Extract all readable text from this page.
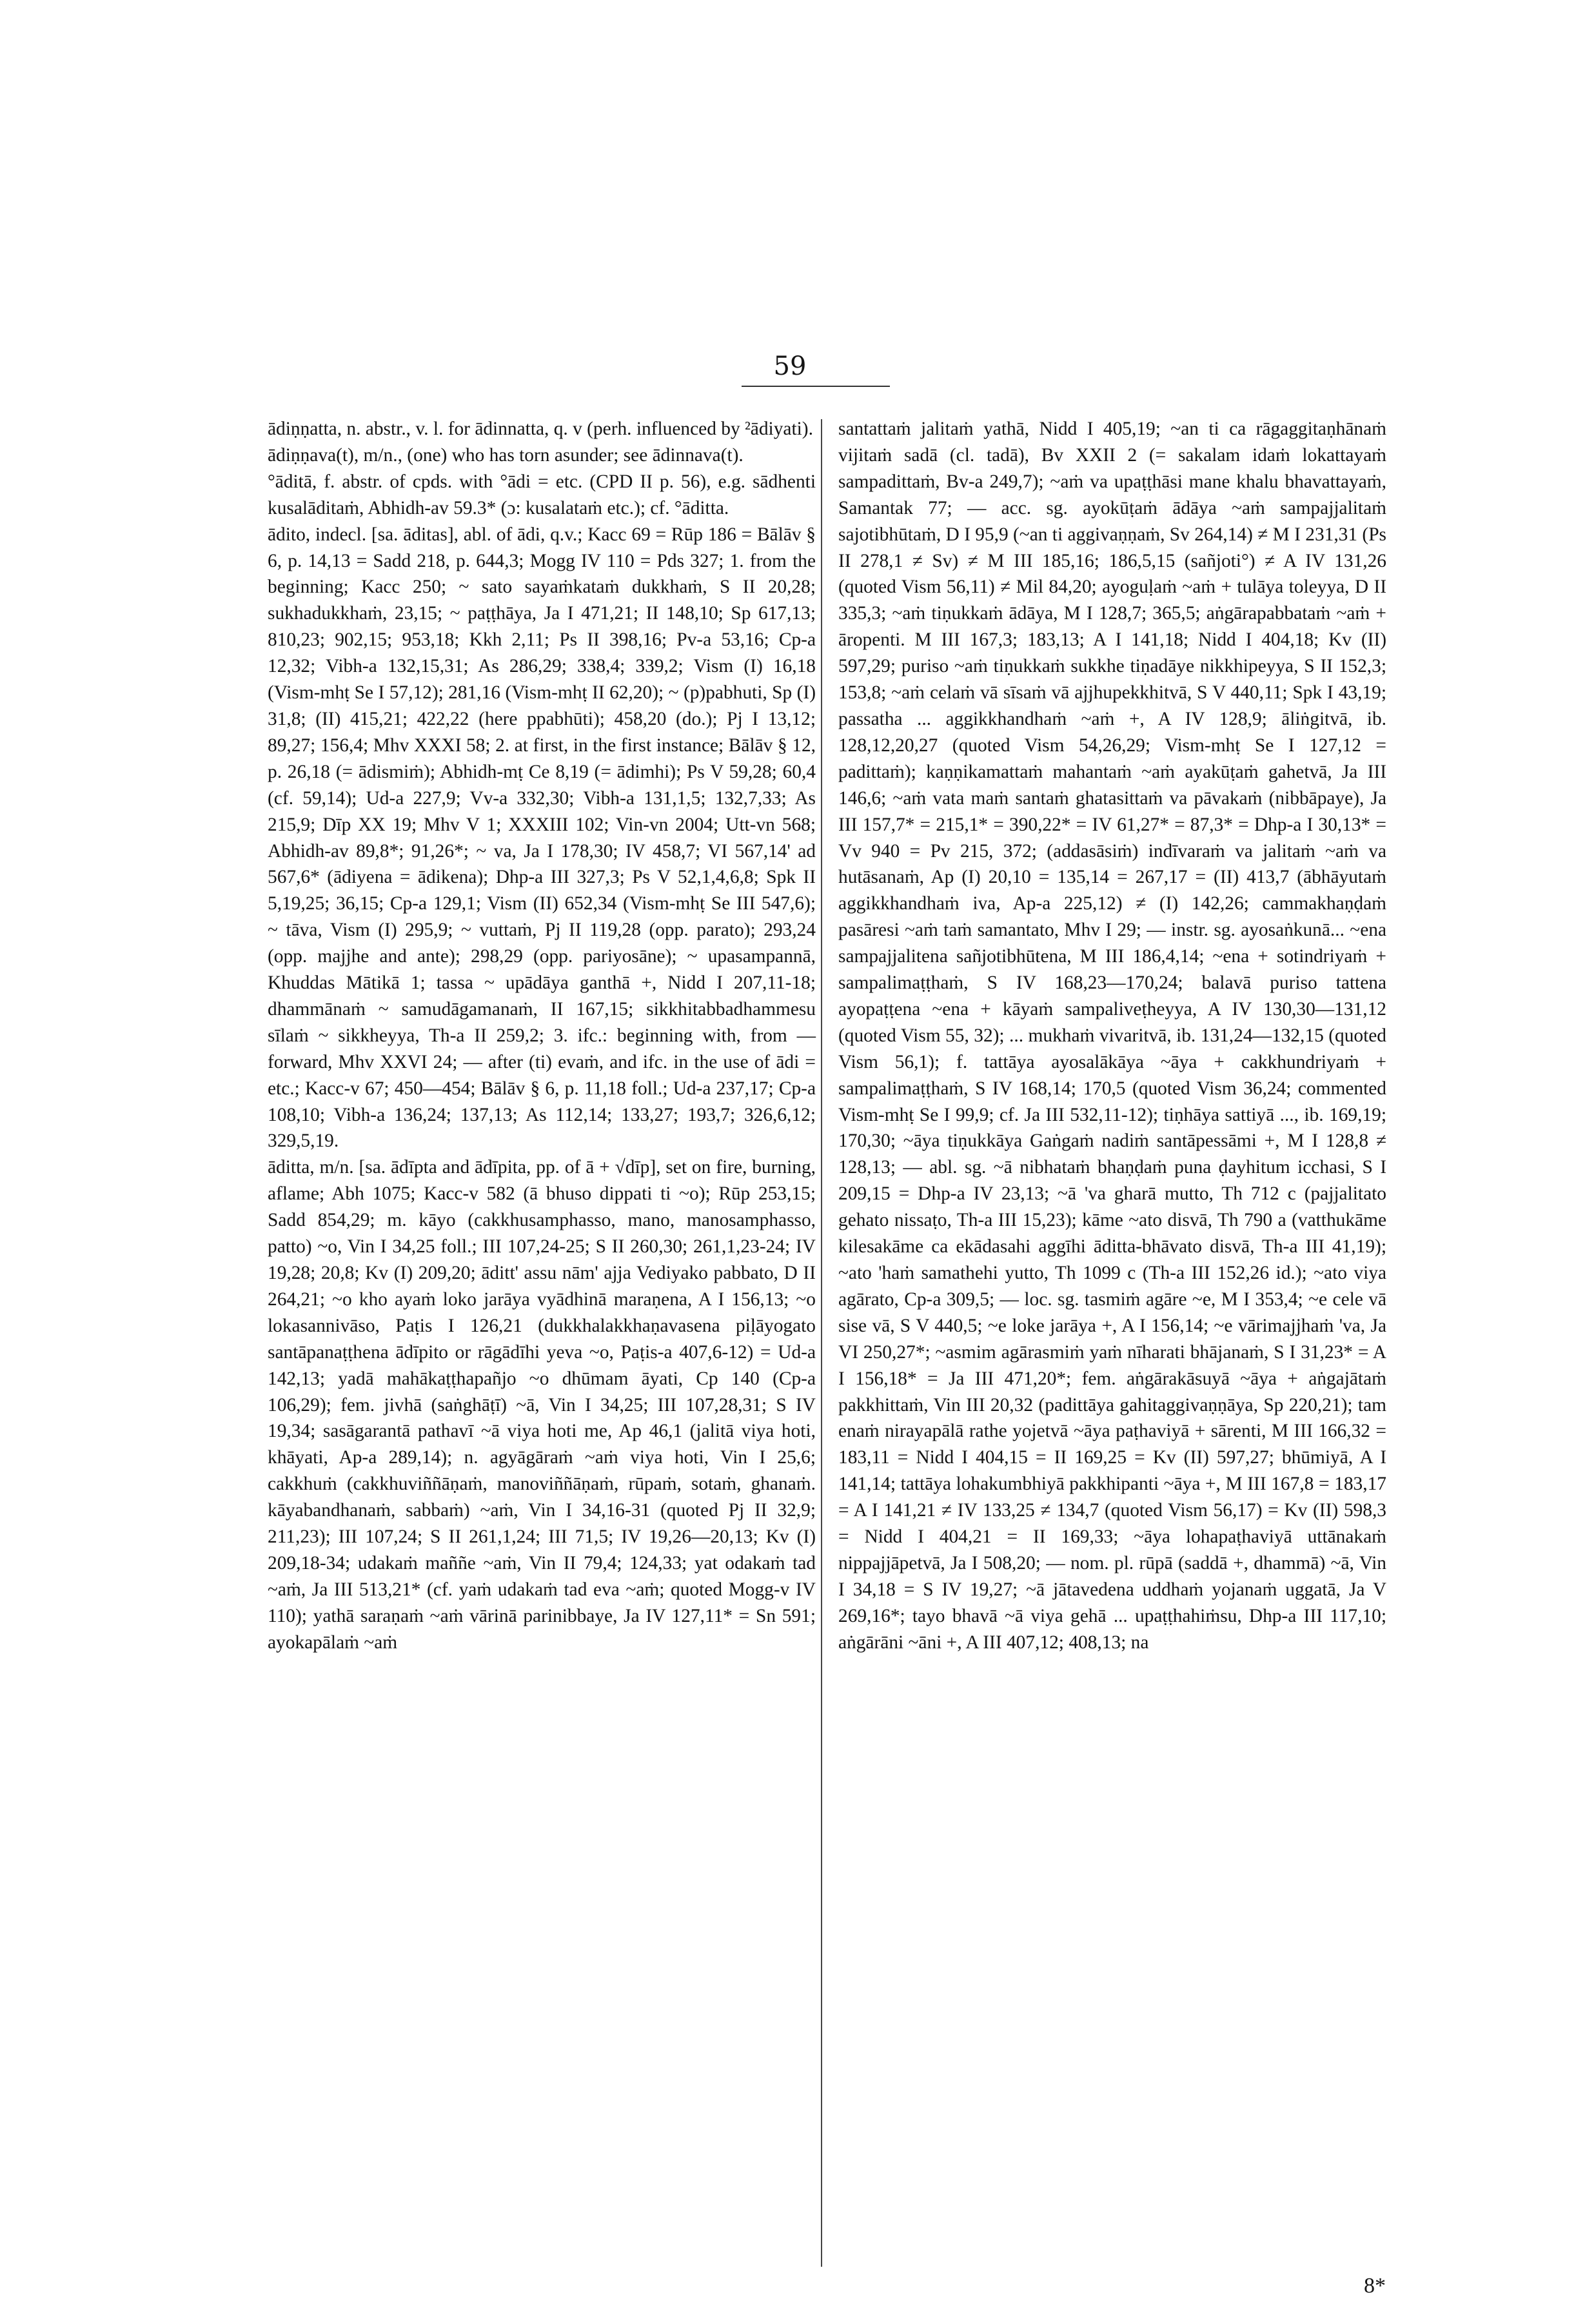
59

ādiṇṇatta, n. abstr., v. l. for ādinnatta, q. v (perh. influenced by ²ādiyati).

ādiṇṇava(t), m/n., (one) who has torn asunder; see ādinnava(t).

°āditā, f. abstr. of cpds. with °ādi = etc. (CPD II p. 56), e.g. sādhenti kusalāditaṁ, Abhidh-av 59.3* (ɔ: kusalataṁ etc.); cf. °āditta.

ādito, indecl. [sa. āditas], abl. of ādi, q.v.; Kacc 69 = Rūp 186 = Bālāv § 6, p. 14,13 = Sadd 218, p. 644,3; Mogg IV 110 = Pds 327; 1. from the beginning; Kacc 250; ~ sato sayaṁkataṁ dukkhaṁ, S II 20,28; sukhadukkhaṁ, 23,15; ~ paṭṭhāya, Ja I 471,21; II 148,10; Sp 617,13; 810,23; 902,15; 953,18; Kkh 2,11; Ps II 398,16; Pv-a 53,16; Cp-a 12,32; Vibh-a 132,15,31; As 286,29; 338,4; 339,2; Vism (I) 16,18 (Vism-mhṭ Se I 57,12); 281,16 (Vism-mhṭ II 62,20); ~ (p)pabhuti, Sp (I) 31,8; (II) 415,21; 422,22 (here ppabhūti); 458,20 (do.); Pj I 13,12; 89,27; 156,4; Mhv XXXI 58; 2. at first, in the first instance; Bālāv § 12, p. 26,18 (= ādismiṁ); Abhidh-mṭ Ce 8,19 (= ādimhi); Ps V 59,28; 60,4 (cf. 59,14); Ud-a 227,9; Vv-a 332,30; Vibh-a 131,1,5; 132,7,33; As 215,9; Dīp XX 19; Mhv V 1; XXXIII 102; Vin-vn 2004; Utt-vn 568; Abhidh-av 89,8*; 91,26*; ~ va, Ja I 178,30; IV 458,7; VI 567,14' ad 567,6* (ādiyena = ādikena); Dhp-a III 327,3; Ps V 52,1,4,6,8; Spk II 5,19,25; 36,15; Cp-a 129,1; Vism (II) 652,34 (Vism-mhṭ Se III 547,6); ~ tāva, Vism (I) 295,9; ~ vuttaṁ, Pj II 119,28 (opp. parato); 293,24 (opp. majjhe and ante); 298,29 (opp. pariyosāne); ~ upasampannā, Khuddas Mātikā 1; tassa ~ upādāya ganthā +, Nidd I 207,11-18; dhammānaṁ ~ samudāgamanaṁ, II 167,15; sikkhitabbadhammesu sīlaṁ ~ sikkheyya, Th-a II 259,2; 3. ifc.: beginning with, from — forward, Mhv XXVI 24; — after (ti) evaṁ, and ifc. in the use of ādi = etc.; Kacc-v 67; 450—454; Bālāv § 6, p. 11,18 foll.; Ud-a 237,17; Cp-a 108,10; Vibh-a 136,24; 137,13; As 112,14; 133,27; 193,7; 326,6,12; 329,5,19.

āditta, m/n. [sa. ādīpta and ādīpita, pp. of ā + √dīp], set on fire, burning, aflame; Abh 1075; Kacc-v 582 (ā bhuso dippati ti ~o); Rūp 253,15; Sadd 854,29; m. kāyo (cakkhusamphasso, mano, manosamphasso, patto) ~o, Vin I 34,25 foll.; III 107,24-25; S II 260,30; 261,1,23-24; IV 19,28; 20,8; Kv (I) 209,20; āditt' assu nām' ajja Vediyako pabbato, D II 264,21; ~o kho ayaṁ loko jarāya vyādhinā maraṇena, A I 156,13; ~o lokasannivāso, Paṭis I 126,21 (dukkhalakkhaṇavasena piḷāyogato santāpanaṭṭhena ādīpito or rāgādīhi yeva ~o, Paṭis-a 407,6-12) = Ud-a 142,13; yadā mahākaṭṭhapañjo ~o dhūmam āyati, Cp 140 (Cp-a 106,29); fem. jivhā (saṅghāṭī) ~ā, Vin I 34,25; III 107,28,31; S IV 19,34; sasāgarantā pathavī ~ā viya hoti me, Ap 46,1 (jalitā viya hoti, khāyati, Ap-a 289,14); n. agyāgāraṁ ~aṁ viya hoti, Vin I 25,6; cakkhuṁ (cakkhuviññāṇaṁ, manoviññāṇaṁ, rūpaṁ, sotaṁ, ghanaṁ. kāyabandhanaṁ, sabbaṁ) ~aṁ, Vin I 34,16-31 (quoted Pj II 32,9; 211,23); III 107,24; S II 261,1,24; III 71,5; IV 19,26—20,13; Kv (I) 209,18-34; udakaṁ maññe ~aṁ, Vin II 79,4; 124,33; yat odakaṁ tad ~aṁ, Ja III 513,21* (cf. yaṁ udakaṁ tad eva ~aṁ; quoted Mogg-v IV 110); yathā saraṇaṁ ~aṁ vārinā parinibbaye, Ja IV 127,11* = Sn 591; ayokapālaṁ ~aṁ

santattaṁ jalitaṁ yathā, Nidd I 405,19; ~an ti ca rāgaggitaṇhānaṁ vijitaṁ sadā (cl. tadā), Bv XXII 2 (= sakalam idaṁ lokattayaṁ sampadittaṁ, Bv-a 249,7); ~aṁ va upaṭṭhāsi mane khalu bhavattayaṁ, Samantak 77; — acc. sg. ayokūṭaṁ ādāya ~aṁ sampajjalitaṁ sajotibhūtaṁ, D I 95,9 (~an ti aggivaṇṇaṁ, Sv 264,14) ≠ M I 231,31 (Ps II 278,1 ≠ Sv) ≠ M III 185,16; 186,5,15 (sañjoti°) ≠ A IV 131,26 (quoted Vism 56,11) ≠ Mil 84,20; ayoguḷaṁ ~aṁ + tulāya toleyya, D II 335,3; ~aṁ tiṇukkaṁ ādāya, M I 128,7; 365,5; aṅgārapabbataṁ ~aṁ + āropenti. M III 167,3; 183,13; A I 141,18; Nidd I 404,18; Kv (II) 597,29; puriso ~aṁ tiṇukkaṁ sukkhe tiṇadāye nikkhipeyya, S II 152,3; 153,8; ~aṁ celaṁ vā sīsaṁ vā ajjhupekkhitvā, S V 440,11; Spk I 43,19; passatha ... aggikkhandhaṁ ~aṁ +, A IV 128,9; āliṅgitvā, ib. 128,12,20,27 (quoted Vism 54,26,29; Vism-mhṭ Se I 127,12 = padittaṁ); kaṇṇikamattaṁ mahantaṁ ~aṁ ayakūṭaṁ gahetvā, Ja III 146,6; ~aṁ vata maṁ santaṁ ghatasittaṁ va pāvakaṁ (nibbāpaye), Ja III 157,7* = 215,1* = 390,22* = IV 61,27* = 87,3* = Dhp-a I 30,13* = Vv 940 = Pv 215, 372; (addasāsiṁ) indīvaraṁ va jalitaṁ ~aṁ va hutāsanaṁ, Ap (I) 20,10 = 135,14 = 267,17 = (II) 413,7 (ābhāyutaṁ aggikkhandhaṁ iva, Ap-a 225,12) ≠ (I) 142,26; cammakhaṇḍaṁ pasāresi ~aṁ taṁ samantato, Mhv I 29; — instr. sg. ayosaṅkunā... ~ena sampajjalitena sañjotibhūtena, M III 186,4,14; ~ena + sotindriyaṁ + sampalimaṭṭhaṁ, S IV 168,23—170,24; balavā puriso tattena ayopaṭṭena ~ena + kāyaṁ sampaliveṭheyya, A IV 130,30—131,12 (quoted Vism 55, 32); ... mukhaṁ vivaritvā, ib. 131,24—132,15 (quoted Vism 56,1); f. tattāya ayosalākāya ~āya + cakkhundriyaṁ + sampalimaṭṭhaṁ, S IV 168,14; 170,5 (quoted Vism 36,24; commented Vism-mhṭ Se I 99,9; cf. Ja III 532,11-12); tiṇhāya sattiyā ..., ib. 169,19; 170,30; ~āya tiṇukkāya Gaṅgaṁ nadiṁ santāpessāmi +, M I 128,8 ≠ 128,13; — abl. sg. ~ā nibhataṁ bhaṇḍaṁ puna ḍayhitum icchasi, S I 209,15 = Dhp-a IV 23,13; ~ā 'va gharā mutto, Th 712 c (pajjalitato gehato nissaṭo, Th-a III 15,23); kāme ~ato disvā, Th 790 a (vatthukāme kilesakāme ca ekādasahi aggīhi āditta-bhāvato disvā, Th-a III 41,19); ~ato 'haṁ samathehi yutto, Th 1099 c (Th-a III 152,26 id.); ~ato viya agārato, Cp-a 309,5; — loc. sg. tasmiṁ agāre ~e, M I 353,4; ~e cele vā sise vā, S V 440,5; ~e loke jarāya +, A I 156,14; ~e vārimajjhaṁ 'va, Ja VI 250,27*; ~asmim agārasmiṁ yaṁ nīharati bhājanaṁ, S I 31,23* = A I 156,18* = Ja III 471,20*; fem. aṅgārakāsuyā ~āya + aṅgajātaṁ pakkhittaṁ, Vin III 20,32 (padittāya gahitaggivaṇṇāya, Sp 220,21); tam enaṁ nirayapālā rathe yojetvā ~āya paṭhaviyā + sārenti, M III 166,32 = 183,11 = Nidd I 404,15 = II 169,25 = Kv (II) 597,27; bhūmiyā, A I 141,14; tattāya lohakumbhiyā pakkhipanti ~āya +, M III 167,8 = 183,17 = A I 141,21 ≠ IV 133,25 ≠ 134,7 (quoted Vism 56,17) = Kv (II) 598,3 = Nidd I 404,21 = II 169,33; ~āya lohapaṭhaviyā uttānakaṁ nippajjāpetvā, Ja I 508,20; — nom. pl. rūpā (saddā +, dhammā) ~ā, Vin I 34,18 = S IV 19,27; ~ā jātavedena uddhaṁ yojanaṁ uggatā, Ja V 269,16*; tayo bhavā ~ā viya gehā ... upaṭṭhahiṁsu, Dhp-a III 117,10; aṅgārāni ~āni +, A III 407,12; 408,13; na

8*
